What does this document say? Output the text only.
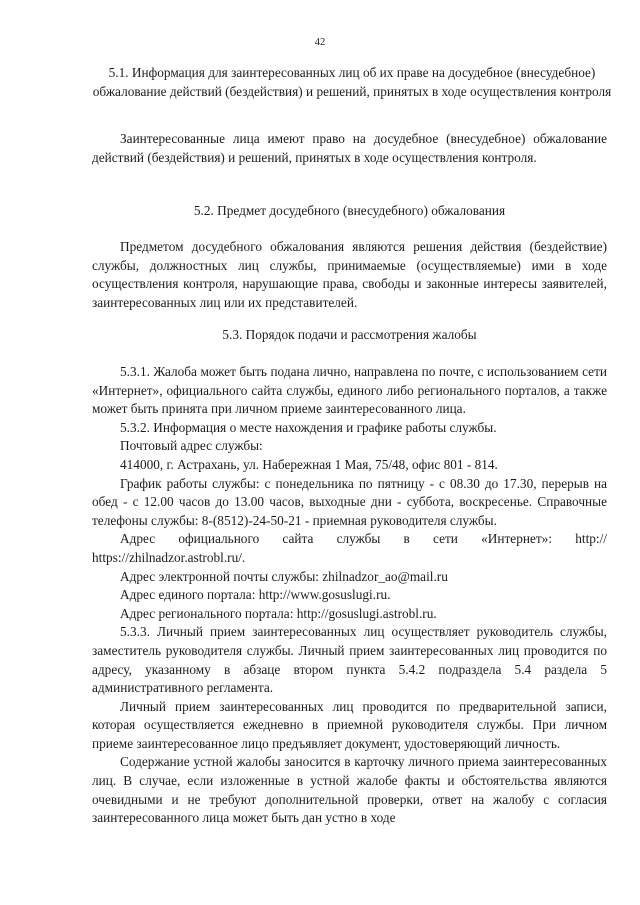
42
5.1. Информация для заинтересованных лиц об их праве на досудебное (внесудебное) обжалование действий (бездействия) и решений, принятых в ходе осуществления контроля

Заинтересованные лица имеют право на досудебное (внесудебное) обжалование действий (бездействия) и решений, принятых в ходе осуществления контроля.

5.2. Предмет досудебного (внесудебного) обжалования

Предметом досудебного обжалования являются решения действия (бездействие) службы, должностных лиц службы, принимаемые (осуществляемые) ими в ходе осуществления контроля, нарушающие права, свободы и законные интересы заявителей, заинтересованных лиц или их представителей.

5.3. Порядок подачи и рассмотрения жалобы

5.3.1. Жалоба может быть подана лично, направлена по почте, с использованием сети «Интернет», официального сайта службы, единого либо регионального порталов, а также может быть принята при личном приеме заинтересованного лица.

5.3.2. Информация о месте нахождения и графике работы службы.

Почтовый адрес службы:

414000, г. Астрахань, ул. Набережная 1 Мая, 75/48, офис 801 - 814.

График работы службы: с понедельника по пятницу - с 08.30 до 17.30, перерыв на обед - с 12.00 часов до 13.00 часов, выходные дни - суббота, воскресенье. Справочные телефоны службы: 8-(8512)-24-50-21 - приемная руководителя службы.

Адрес официального сайта службы в сети «Интернет»: http:// https://zhilnadzor.astrobl.ru/.

Адрес электронной почты службы: zhilnadzor_ao@mail.ru

Адрес единого портала: http://www.gosuslugi.ru.

Адрес регионального портала: http://gosuslugi.astrobl.ru.

5.3.3. Личный прием заинтересованных лиц осуществляет руководитель службы, заместитель руководителя службы. Личный прием заинтересованных лиц проводится по адресу, указанному в абзаце втором пункта 5.4.2 подраздела 5.4 раздела 5 административного регламента.

Личный прием заинтересованных лиц проводится по предварительной записи, которая осуществляется ежедневно в приемной руководителя службы. При личном приеме заинтересованное лицо предъявляет документ, удостоверяющий личность.

Содержание устной жалобы заносится в карточку личного приема заинтересованных лиц. В случае, если изложенные в устной жалобе факты и обстоятельства являются очевидными и не требуют дополнительной проверки, ответ на жалобу с согласия заинтересованного лица может быть дан устно в ходе
